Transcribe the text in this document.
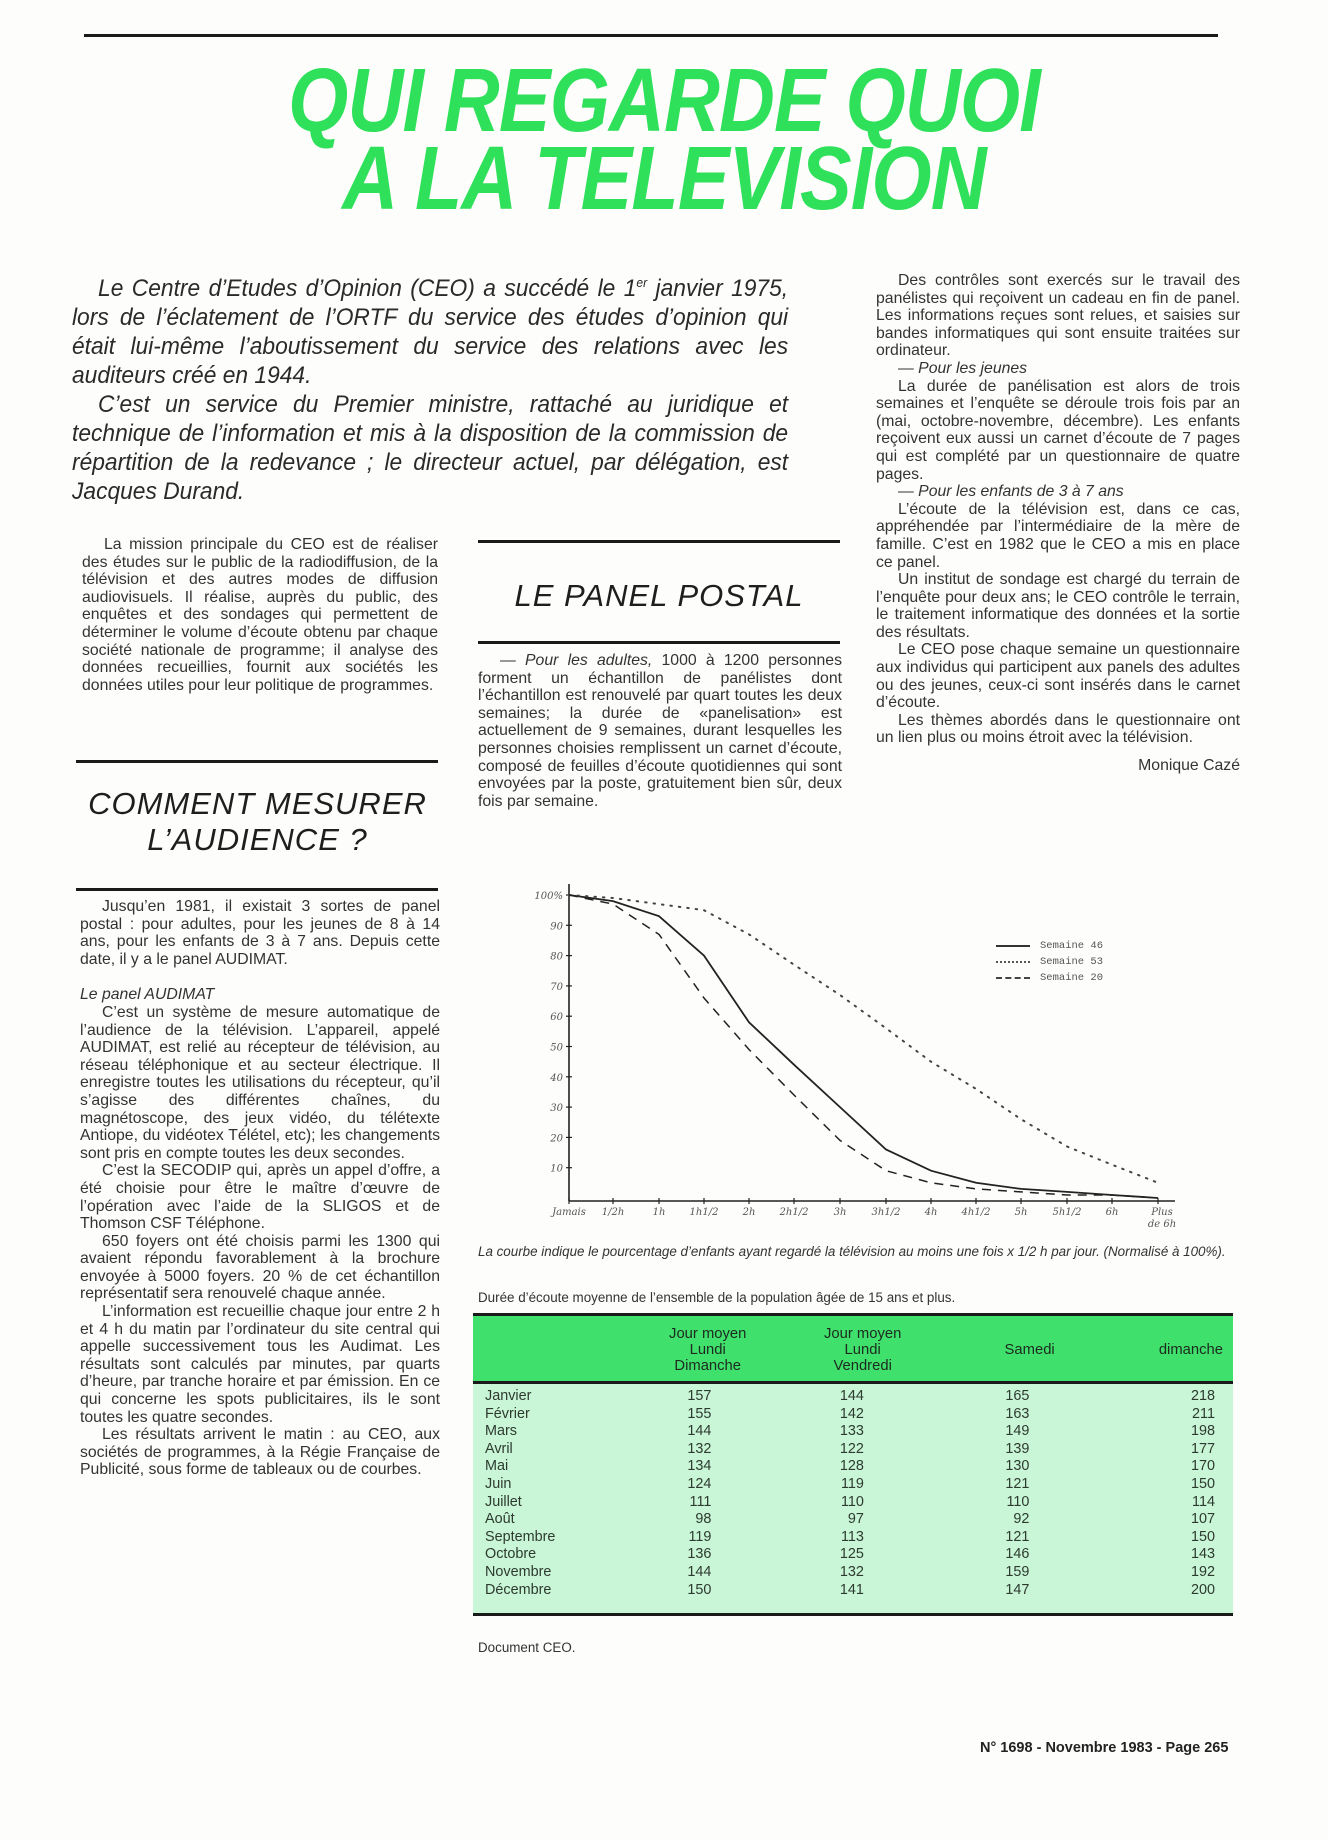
QUI REGARDE QUOI
A LA TELEVISION

Le Centre d’Etudes d’Opinion (CEO) a succédé le 1er janvier 1975, lors de l’éclatement de l’ORTF du service des études d’opinion qui était lui-même l’aboutissement du service des relations avec les auditeurs créé en 1944.

C’est un service du Premier ministre, rattaché au juridique et technique de l’information et mis à la disposition de la commission de répartition de la redevance ; le directeur actuel, par délégation, est Jacques Durand.

La mission principale du CEO est de réaliser des études sur le public de la radiodiffusion, de la télévision et des autres modes de diffusion audiovisuels. Il réalise, auprès du public, des enquêtes et des sondages qui permettent de déterminer le volume d’écoute obtenu par chaque société nationale de programme; il analyse des données recueillies, fournit aux sociétés les données utiles pour leur politique de programmes.

COMMENT MESURER
L’AUDIENCE ?

Jusqu’en 1981, il existait 3 sortes de panel postal : pour adultes, pour les jeunes de 8 à 14 ans, pour les enfants de 3 à 7 ans. Depuis cette date, il y a le panel AUDIMAT.

Le panel AUDIMAT

C’est un système de mesure automatique de l’audience de la télévision. L’appareil, appelé AUDIMAT, est relié au récepteur de télévision, au réseau téléphonique et au secteur électrique. Il enregistre toutes les utilisations du récepteur, qu’il s’agisse des différentes chaînes, du magnétoscope, des jeux vidéo, du télétexte Antiope, du vidéotex Télétel, etc); les changements sont pris en compte toutes les deux secondes.

C’est la SECODIP qui, après un appel d’offre, a été choisie pour être le maître d’œuvre de l’opération avec l’aide de la SLIGOS et de Thomson CSF Téléphone.

650 foyers ont été choisis parmi les 1300 qui avaient répondu favorablement à la brochure envoyée à 5000 foyers. 20 % de cet échantillon représentatif sera renouvelé chaque année.

L’information est recueillie chaque jour entre 2 h et 4 h du matin par l’ordinateur du site central qui appelle successivement tous les Audimat. Les résultats sont calculés par minutes, par quarts d’heure, par tranche horaire et par émission. En ce qui concerne les spots publicitaires, ils le sont toutes les quatre secondes.

Les résultats arrivent le matin : au CEO, aux sociétés de programmes, à la Régie Française de Publicité, sous forme de tableaux ou de courbes.

LE PANEL POSTAL

— Pour les adultes, 1000 à 1200 personnes forment un échantillon de panélistes dont l’échantillon est renouvelé par quart toutes les deux semaines; la durée de «panelisation» est actuellement de 9 semaines, durant lesquelles les personnes choisies remplissent un carnet d’écoute, composé de feuilles d’écoute quotidiennes qui sont envoyées par la poste, gratuitement bien sûr, deux fois par semaine.

Des contrôles sont exercés sur le travail des panélistes qui reçoivent un cadeau en fin de panel. Les informations reçues sont relues, et saisies sur bandes informatiques qui sont ensuite traitées sur ordinateur.

— Pour les jeunes

La durée de panélisation est alors de trois semaines et l’enquête se déroule trois fois par an (mai, octobre-novembre, décembre). Les enfants reçoivent eux aussi un carnet d’écoute de 7 pages qui est complété par un questionnaire de quatre pages.

— Pour les enfants de 3 à 7 ans

L’écoute de la télévision est, dans ce cas, appréhendée par l’intermédiaire de la mère de famille. C’est en 1982 que le CEO a mis en place ce panel.

Un institut de sondage est chargé du terrain de l’enquête pour deux ans; le CEO contrôle le terrain, le traitement informatique des données et la sortie des résultats.

Le CEO pose chaque semaine un questionnaire aux individus qui participent aux panels des adultes ou des jeunes, ceux-ci sont insérés dans le carnet d’écoute.

Les thèmes abordés dans le questionnaire ont un lien plus ou moins étroit avec la télévision.

Monique Cazé

100%
90
80
70
60
50
40
30
20
10
Jamais 1/2h	1h 1h1/2 2h 2h1/2	3h	3h1/2 4h 4h1/2 5h	5h1/2 6h	Plus
de 6h
Semaine 46
Semaine 53
Semaine 20
La courbe indique le pourcentage d’enfants ayant regardé la télévision au moins une fois x 1/2 h par jour. (Normalisé à 100%).
Durée d’écoute moyenne de l’ensemble de la population âgée de 15 ans et plus.

Jour moyen
Lundi
Dimanche

Jour moyen
Lundi
Vendredi
	Samedi	dimanche
Janvier	157	144	165	218
Février	155	142	163	211
Mars	144	133	149	198
Avril	132	122	139	177
Mai	134	128	130	170
Juin	124	119	121	150
Juillet	111	110	110	114
Août	98	97	92	107
Septembre	119	113	121	150
Octobre	136	125	146	143
Novembre	144	132	159	192
Décembre	150	141	147	200
Document CEO.
N° 1698 - Novembre 1983 - Page 265
